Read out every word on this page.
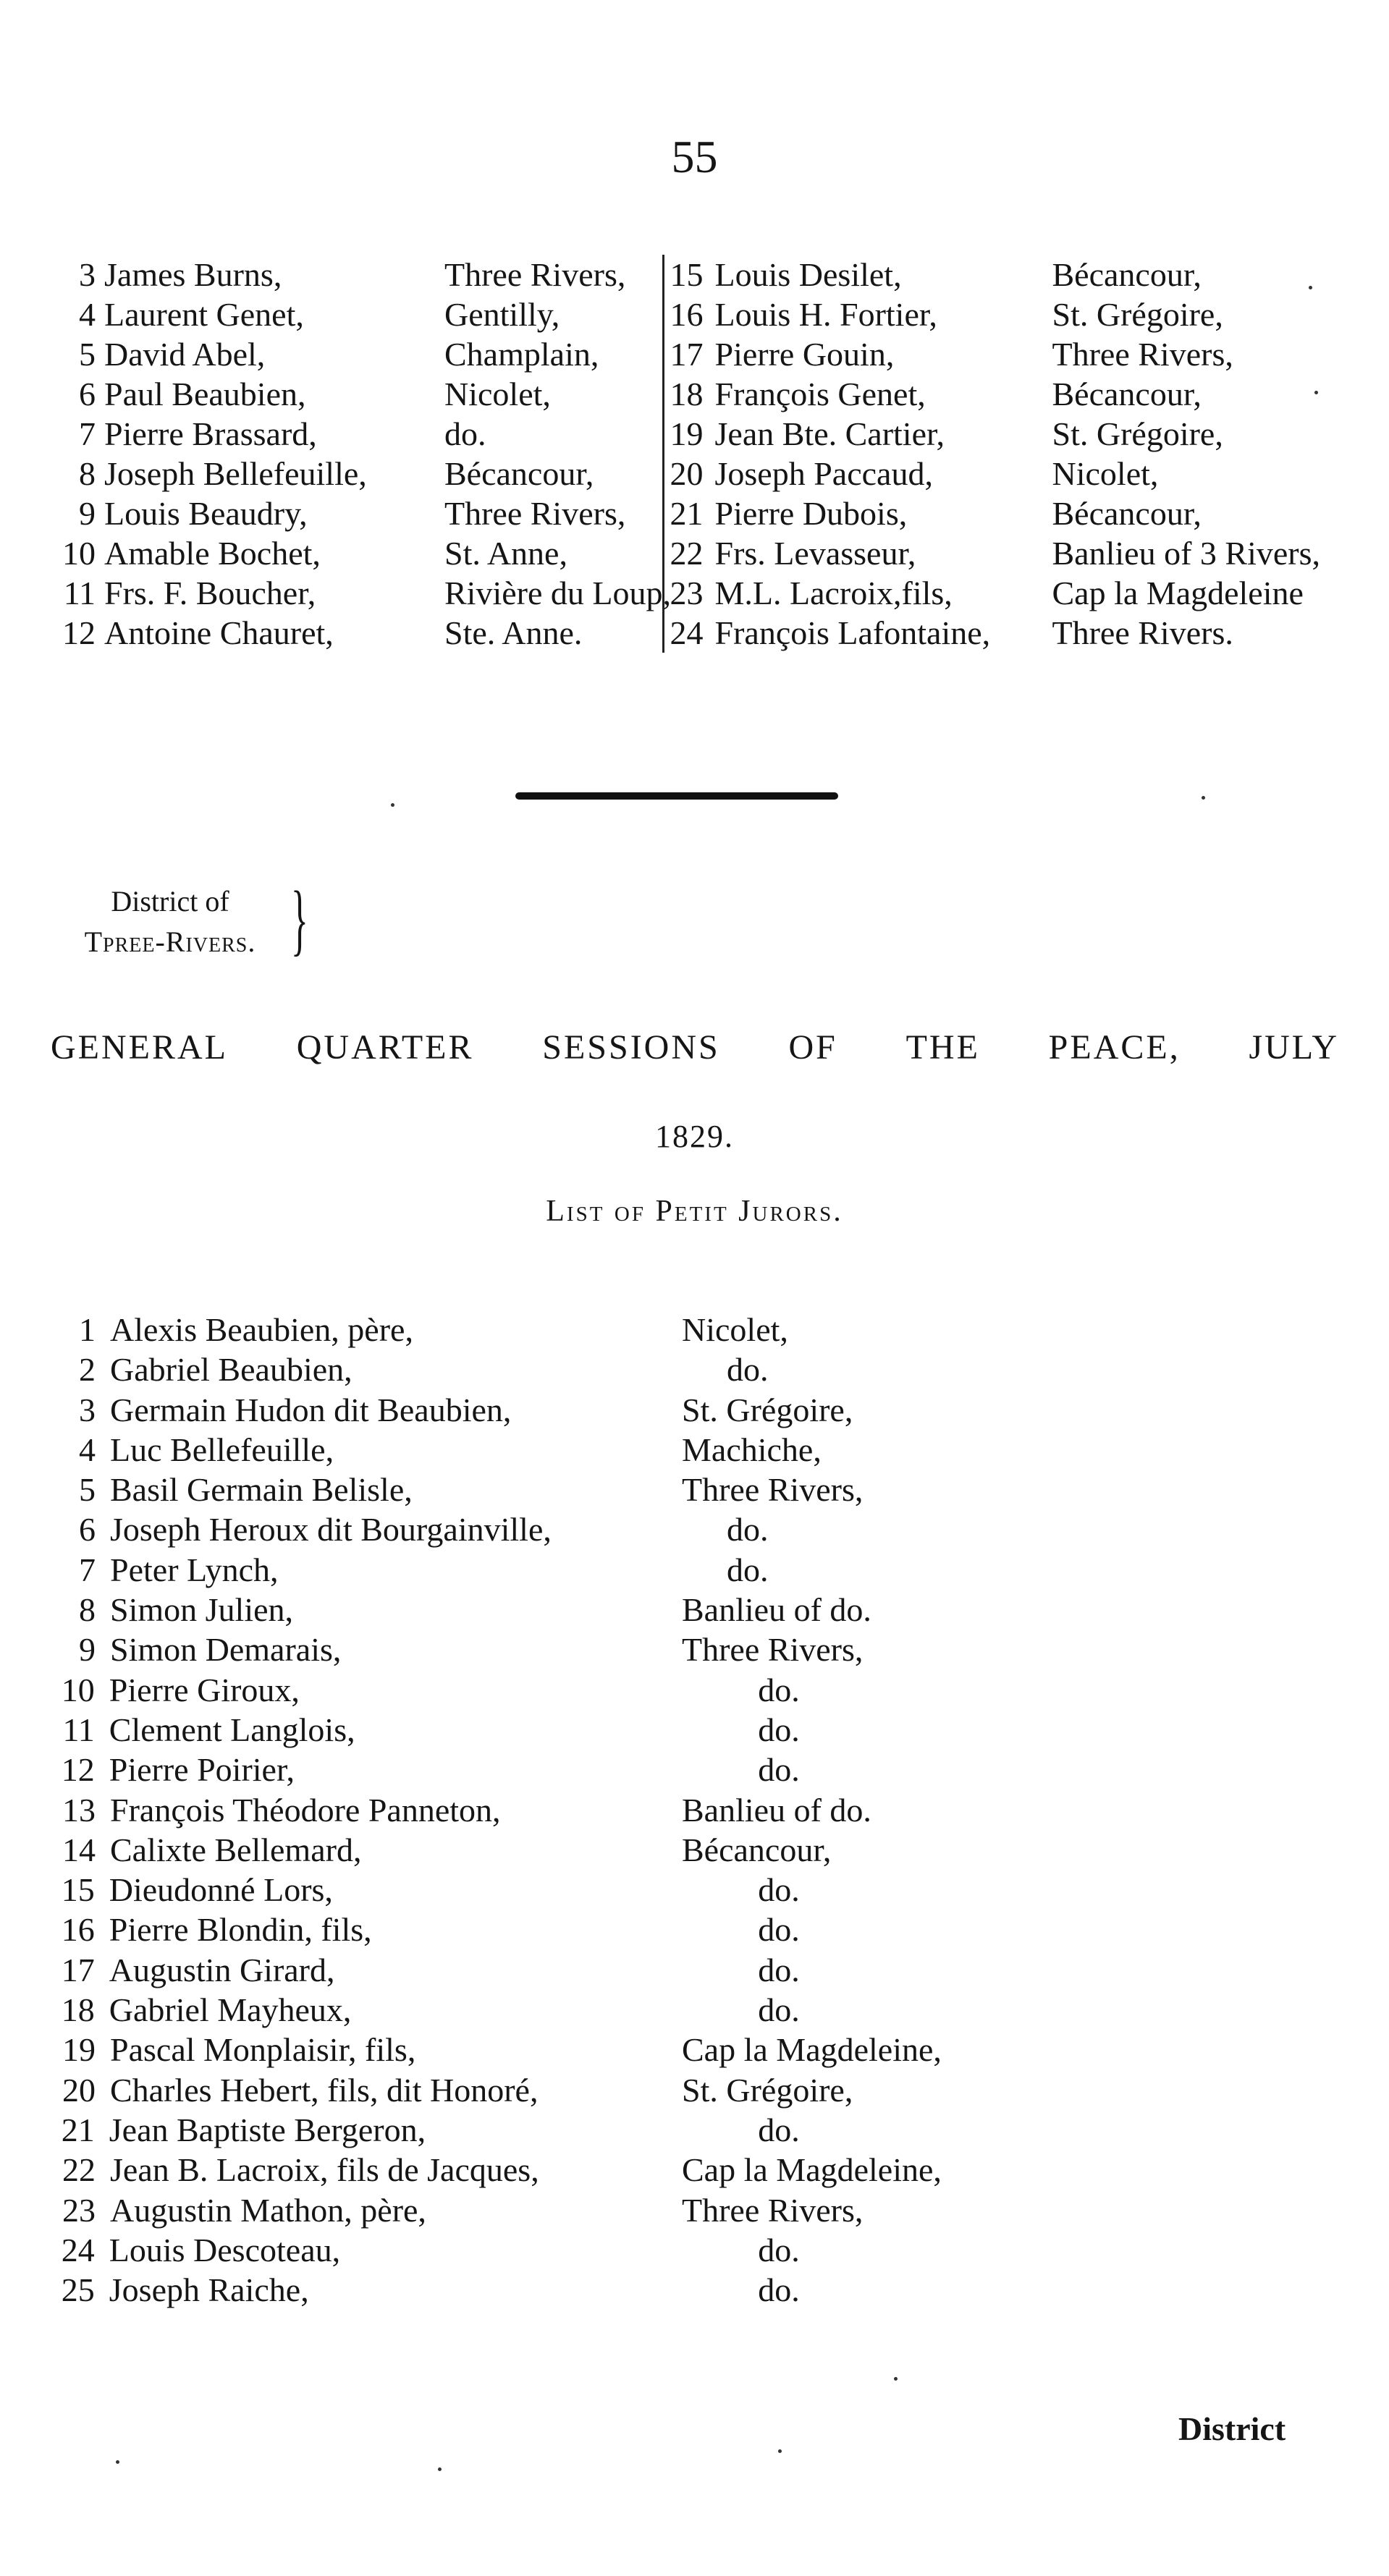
55
3 James Burns,	Three Rivers,
4 Laurent Genet,	Gentilly,
5 David Abel,	Champlain,
6 Paul Beaubien,	Nicolet,
7 Pierre Brassard,	do.
8 Joseph Bellefeuille,	Bécancour,
9 Louis Beaudry,	Three Rivers,
10 Amable Bochet,	St. Anne,
11 Frs. F. Boucher,	Rivière du Loup,
12 Antoine Chauret,	Ste. Anne.
15 Louis Desilet,	Bécancour,
16 Louis H. Fortier,	St. Grégoire,
17 Pierre Gouin,	Three Rivers,
18 François Genet,	Bécancour,
19 Jean Bte. Cartier,	St. Grégoire,
20 Joseph Paccaud,	Nicolet,
21 Pierre Dubois,	Bécancour,
22 Frs. Levasseur,	Banlieu of 3 Rivers,
23 M.L. Lacroix,fils,	Cap la Magdeleine
24 François Lafontaine,	Three Rivers.
District of
Tpree-Rivers. }
GENERAL QUARTER SESSIONS OF THE PEACE, JULY
1829.
List of Petit Jurors.
1 Alexis Beaubien, père,	Nicolet,
2 Gabriel Beaubien,	do.
3 Germain Hudon dit Beaubien,	St. Grégoire,
4 Luc Bellefeuille,	Machiche,
5 Basil Germain Belisle,	Three Rivers,
6 Joseph Heroux dit Bourgainville,	do.
7 Peter Lynch,	do.
8 Simon Julien,	Banlieu of do.
9 Simon Demarais,	Three Rivers,
10 Pierre Giroux,	do.
11 Clement Langlois,	do.
12 Pierre Poirier,	do.
13 François Théodore Panneton,	Banlieu of do.
14 Calixte Bellemard,	Bécancour,
15 Dieudonné Lors,	do.
16 Pierre Blondin, fils,	do.
17 Augustin Girard,	do.
18 Gabriel Mayheux,	do.
19 Pascal Monplaisir, fils,	Cap la Magdeleine,
20 Charles Hebert, fils, dit Honoré,	St. Grégoire,
21 Jean Baptiste Bergeron,	do.
22 Jean B. Lacroix, fils de Jacques,	Cap la Magdeleine,
23 Augustin Mathon, père,	Three Rivers,
24 Louis Descoteau,	do.
25 Joseph Raiche,	do.
District
